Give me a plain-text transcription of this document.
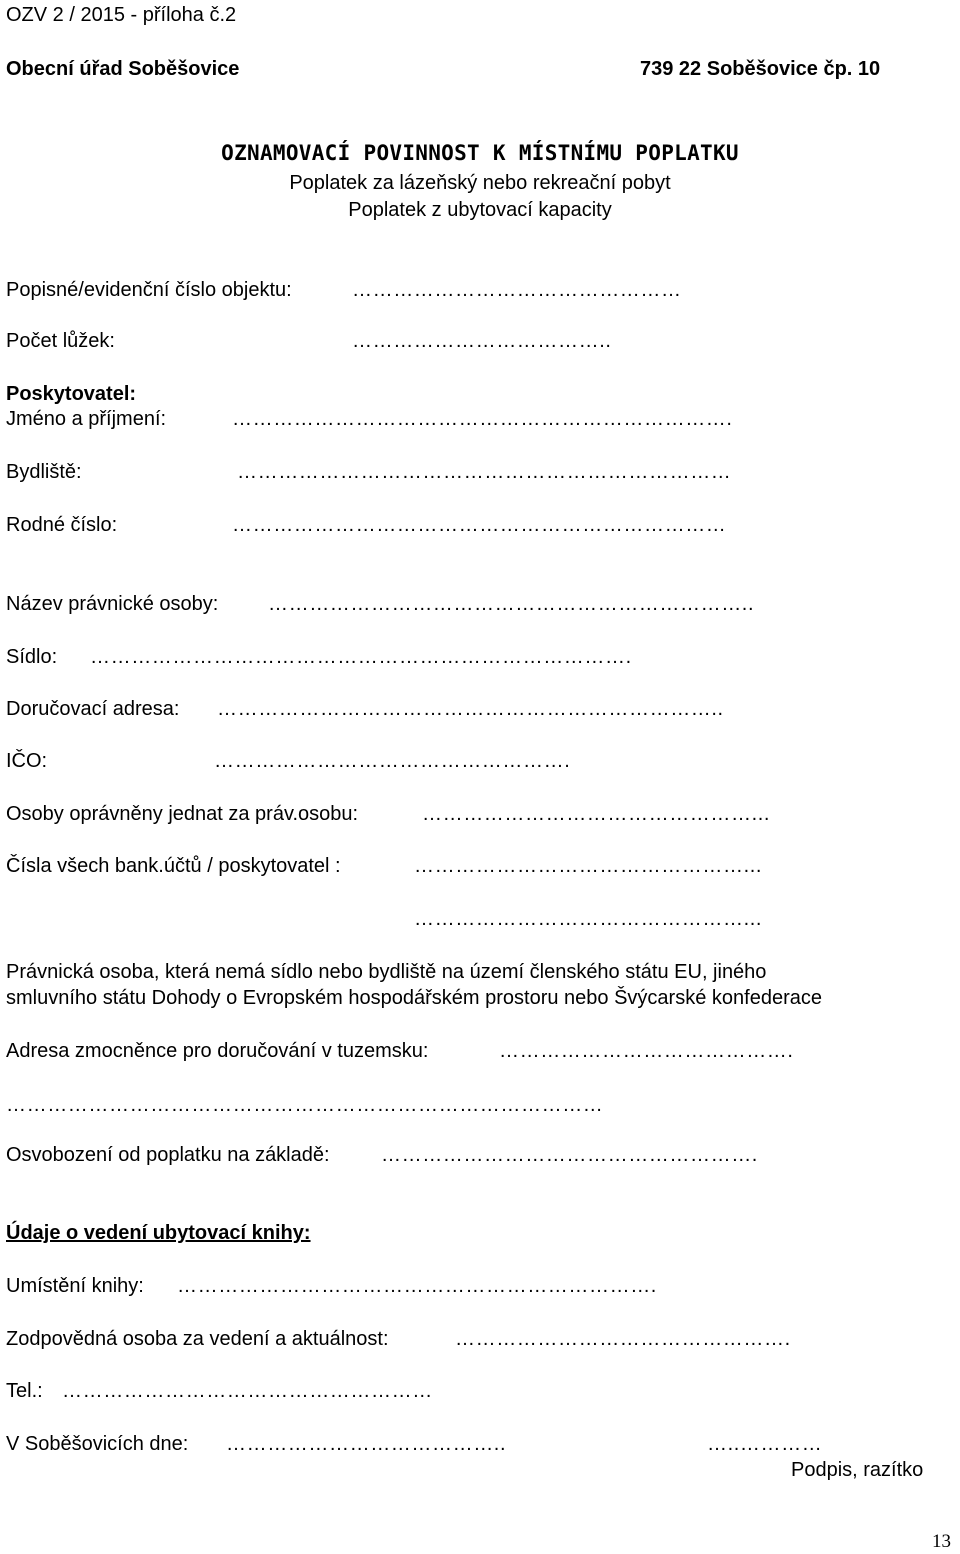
OZV 2 / 2015 - příloha č.2
Obecní úřad Soběšovice	739 22 Soběšovice čp. 10
OZNAMOVACÍ POVINNOST K MÍSTNÍMU POPLATKU
Poplatek za lázeňský nebo rekreační pobyt
Poplatek z ubytovací kapacity
Popisné/evidenční číslo objektu:	…………………………………………
Počet lůžek:	………………………………..
Poskytovatel:
Jméno a příjmení:	……………………………………………………………….
Bydliště:	………………………………………………………………
Rodné číslo:	………………………………………………………………
Název právnické osoby: ……………………………………………………………..
Sídlo: …………………………………………………………………….
Doručovací adresa: ………………………………………………………………..
IČO:	…………………………………………….
Osoby oprávněny jednat za práv.osobu:	…………………………………………...
Čísla všech bank.účtů / poskytovatel :	…………………………………………...
…………………………………………...
Právnická osoba, která nemá sídlo nebo bydliště na území členského státu EU, jiného
smluvního státu Dohody o Evropském hospodářském prostoru nebo Švýcarské konfederace
Adresa zmocněnce pro doručování v tuzemsku:	…………………………………….
……………………………………………………………………………
Osvobození od poplatku na základě:	……………………………………………….
Údaje o vedení ubytovací knihy:
Umístění knihy: …………………………………………………………….
Zodpovědná osoba za vedení a aktuálnost:	………………………………………….
Tel.: ………………………………………………
V Soběšovicích dne: …………………………………..	…..…………
Podpis, razítko
13
